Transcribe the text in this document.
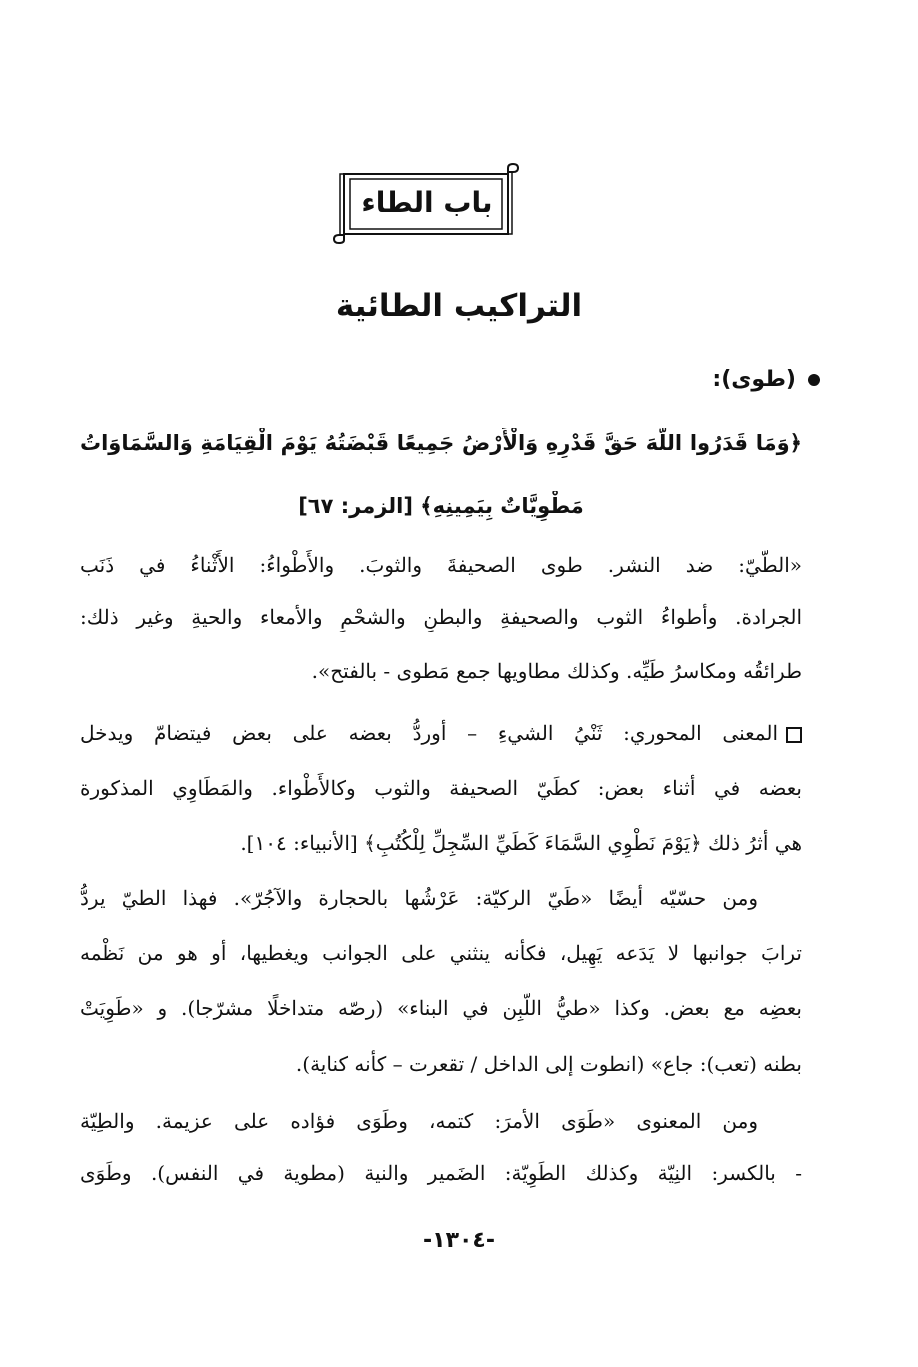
باب الطاء
التراكيب الطائية
(طوى):
﴿وَمَا قَدَرُوا اللَّهَ حَقَّ قَدْرِهِ وَالْأَرْضُ جَمِيعًا قَبْضَتُهُ يَوْمَ الْقِيَامَةِ وَالسَّمَاوَاتُ
مَطْوِيَّاتٌ بِيَمِينِهِ﴾ [الزمر: ٦٧]
«الطَّيّ: ضد النشر. طوى الصحيفةَ والثوبَ. والأَطْواءُ: الأَثْناءُ في ذَنَب
الجرادة. وأطواءُ الثوب والصحيفةِ والبطنِ والشحْمِ والأمعاء والحيةِ وغير ذلك:
طرائقُه ومكاسرُ طَيِّه. وكذلك مطاويها جمع مَطوى - بالفتح».
المعنى المحوري: ثَنْيُ الشيءِ – أوردُّ بعضه على بعض فيتضامّ ويدخل
بعضه في أثناء بعض: كطَيّ الصحيفة والثوب وكالأَطْواء. والمَطَاوِي المذكورة
هي أثرُ ذلك ﴿يَوْمَ نَطْوِي السَّمَاءَ كَطَيِّ السِّجِلِّ لِلْكُتُبِ﴾ [الأنبياء: ١٠٤].
ومن حسّيّه أيضًا «طَيّ الركيّة: عَرْشُها بالحجارة والآجُرّ». فهذا الطيّ يردُّ
ترابَ جوانبها لا يَدَعه يَهِيل، فكأنه ينثني على الجوانب ويغطيها، أو هو من نَظْمه
بعضِه مع بعض. وكذا «طيُّ اللَّبِن في البناء» (رصّه متداخلًا مشرّجا). و «طَوِيَتْ
بطنه (تعب): جاع» (انطوت إلى الداخل / تقعرت – كأنه كناية).
ومن المعنوى «طَوَى الأمرَ: كتمه، وطَوَى فؤاده على عزيمة. والطِيّة
- بالكسر: النِيّة وكذلك الطَوِيّة: الضَمير والنية (مطوية في النفس). وطَوَى
-١٣٠٤-
